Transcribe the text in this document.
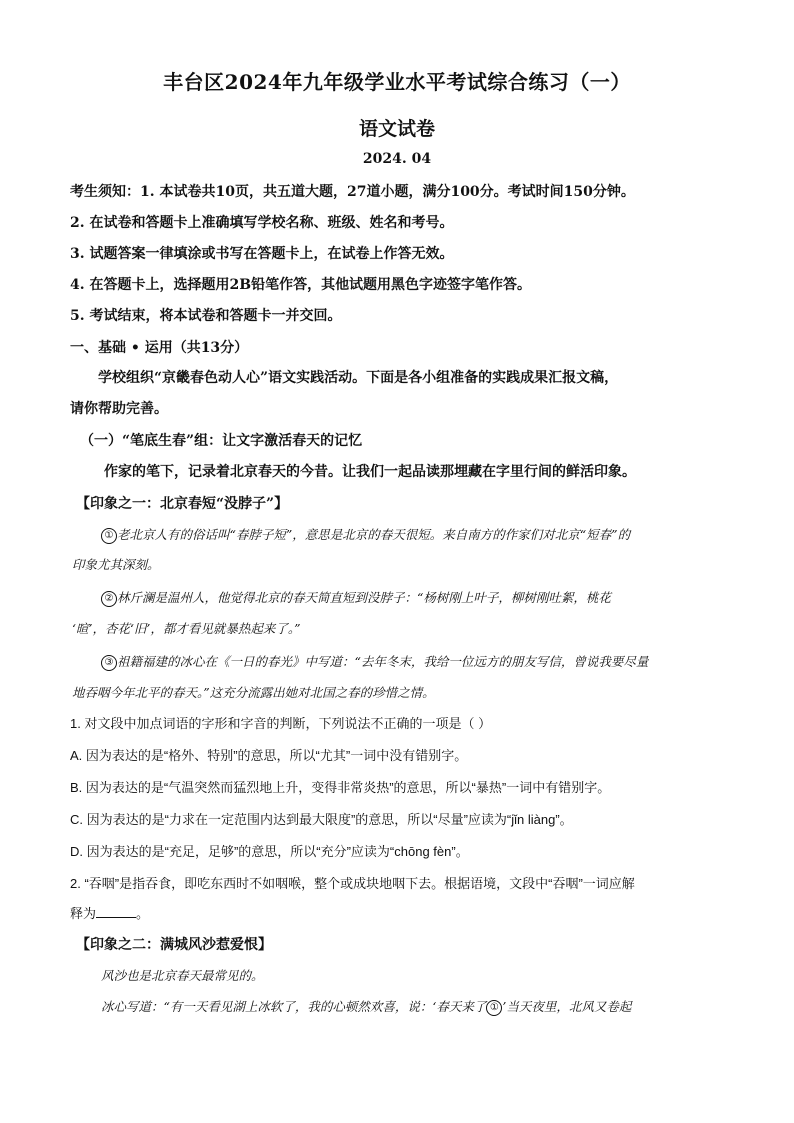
丰台区2024年九年级学业水平考试综合练习（一）
语文试卷
2024. 04
考生须知：1. 本试卷共10页，共五道大题，27道小题，满分100分。考试时间150分钟。
2. 在试卷和答题卡上准确填写学校名称、班级、姓名和考号。
3. 试题答案一律填涂或书写在答题卡上，在试卷上作答无效。
4. 在答题卡上，选择题用2B铅笔作答，其他试题用黑色字迹签字笔作答。
5. 考试结束，将本试卷和答题卡一并交回。
一、基础 • 运用（共13分）
学校组织“京畿春色动人心”语文实践活动。下面是各小组准备的实践成果汇报文稿，
请你帮助完善。
（一）“笔底生春”组：让文字激活春天的记忆
作家的笔下，记录着北京春天的今昔。让我们一起品读那埋藏在字里行间的鲜活印象。
【印象之一：北京春短“没脖子”】
① 老北京人有的俗话叫“春脖子短”，意思是北京的春天很短。来自南方的作家们对北京“短春”的
印象尤其深刻。
② 林斤澜是温州人，他觉得北京的春天简直短到没脖子：“杨树刚上叶子，柳树刚吐絮，桃花
‘暄’，杏花‘旧’，都才看见就暴热起来了。”
③ 祖籍福建的冰心在《一日的春光》中写道：“去年冬末，我给一位远方的朋友写信，曾说我要尽量
地吞咽今年北平的春天。”这充分流露出她对北国之春的珍惜之情。
1. 对文段中加点词语的字形和字音的判断，下列说法不正确的一项是（ ）
A. 因为表达的是“格外、特别”的意思，所以“尤其”一词中没有错别字。
B. 因为表达的是“气温突然而猛烈地上升，变得非常炎热”的意思，所以“暴热”一词中有错别字。
C. 因为表达的是“力求在一定范围内达到最大限度”的意思，所以“尽量”应读为“jǐn liàng”。
D. 因为表达的是“充足，足够”的意思，所以“充分”应读为“chōng fèn”。
2. “吞咽”是指吞食，即吃东西时不如咽喉，整个或成块地咽下去。根据语境，文段中“吞咽”一词应解
释为	。
【印象之二：满城风沙惹爱恨】
风沙也是北京春天最常见的。
冰心写道：“有一天看见湖上冰软了，我的心顿然欢喜，说：‘春天来了 ① ’当天夜里，北风又卷起
